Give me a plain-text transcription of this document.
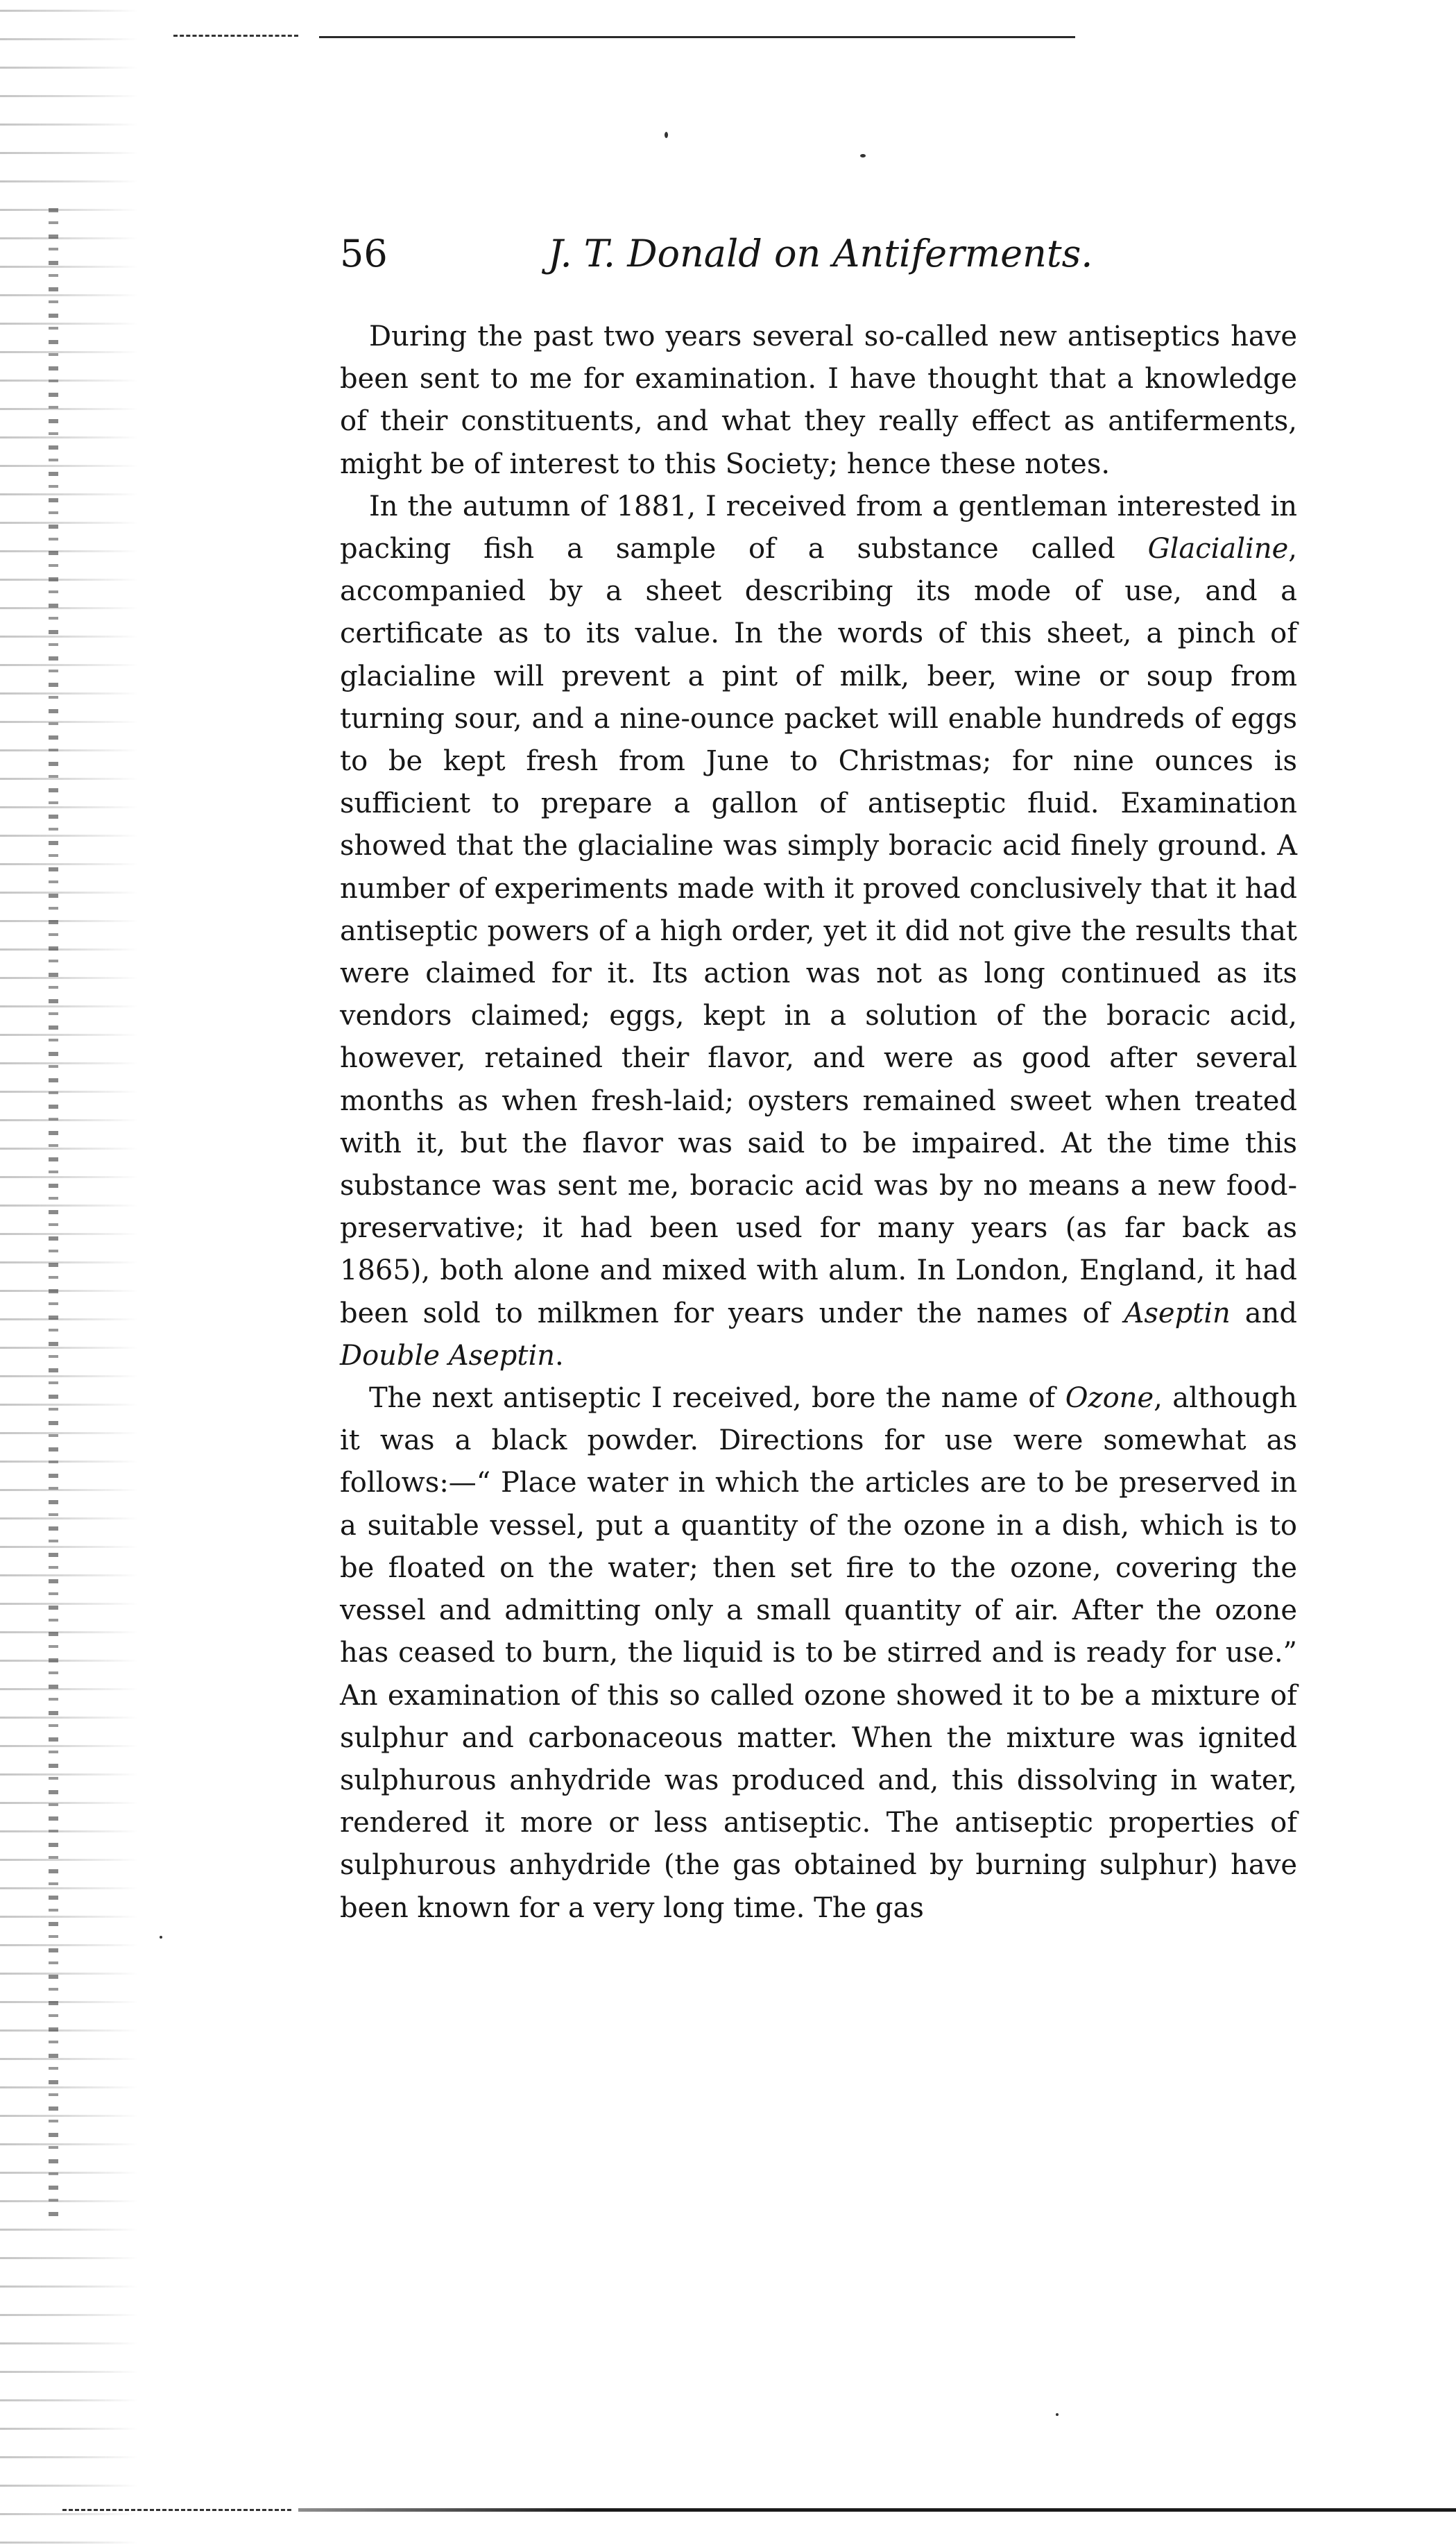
56	J. T. Donald on Antiferments.

During the past two years several so-called new antiseptics have been sent to me for examination. I have thought that a knowledge of their constituents, and what they really effect as antiferments, might be of interest to this Society; hence these notes.

In the autumn of 1881, I received from a gentleman interested in packing fish a sample of a substance called Glacialine, accompanied by a sheet describing its mode of use, and a certificate as to its value. In the words of this sheet, a pinch of glacialine will prevent a pint of milk, beer, wine or soup from turning sour, and a nine-ounce packet will enable hundreds of eggs to be kept fresh from June to Christmas; for nine ounces is sufficient to prepare a gallon of antiseptic fluid. Examination showed that the glacialine was simply boracic acid finely ground. A number of experiments made with it proved conclusively that it had antiseptic powers of a high order, yet it did not give the results that were claimed for it. Its action was not as long continued as its vendors claimed; eggs, kept in a solution of the boracic acid, however, retained their flavor, and were as good after several months as when fresh-laid; oysters remained sweet when treated with it, but the flavor was said to be impaired. At the time this substance was sent me, boracic acid was by no means a new food-preservative; it had been used for many years (as far back as 1865), both alone and mixed with alum. In London, England, it had been sold to milkmen for years under the names of Aseptin and Double Aseptin.

The next antiseptic I received, bore the name of Ozone, although it was a black powder. Directions for use were somewhat as follows:—“ Place water in which the articles are to be preserved in a suitable vessel, put a quantity of the ozone in a dish, which is to be floated on the water; then set fire to the ozone, covering the vessel and admitting only a small quantity of air. After the ozone has ceased to burn, the liquid is to be stirred and is ready for use.” An examination of this so called ozone showed it to be a mixture of sulphur and carbonaceous matter. When the mixture was ignited sulphurous anhydride was produced and, this dissolving in water, rendered it more or less antiseptic. The antiseptic properties of sulphurous anhydride (the gas obtained by burning sulphur) have been known for a very long time. The gas
